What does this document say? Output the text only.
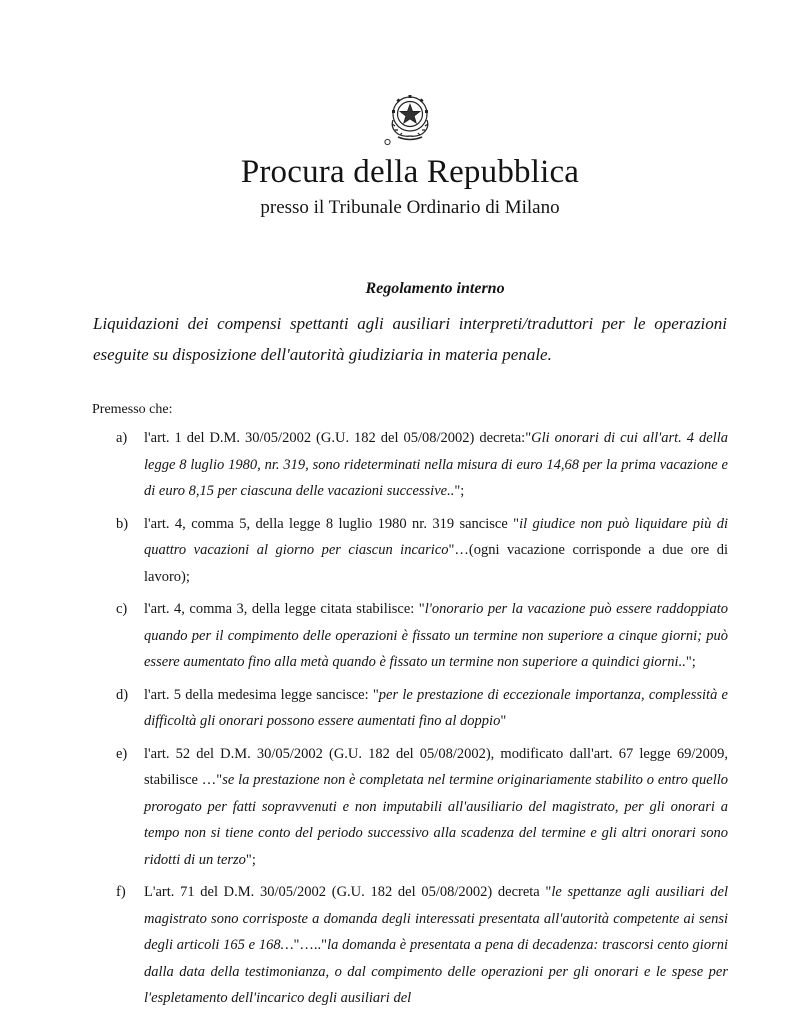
Procura della Repubblica
presso il Tribunale Ordinario di Milano
Regolamento interno
Liquidazioni dei compensi spettanti agli ausiliari interpreti/traduttori per le operazioni eseguite su disposizione dell'autorità giudiziaria in materia penale.
Premesso che:
a) l'art. 1 del D.M. 30/05/2002 (G.U. 182 del 05/08/2002) decreta:"Gli onorari di cui all'art. 4 della legge 8 luglio 1980, nr. 319, sono rideterminati nella misura di euro 14,68 per la prima vacazione e di euro 8,15 per ciascuna delle vacazioni successive..";
b) l'art. 4, comma 5, della legge 8 luglio 1980 nr. 319 sancisce "il giudice non può liquidare più di quattro vacazioni al giorno per ciascun incarico"…(ogni vacazione corrisponde a due ore di lavoro);
c) l'art. 4, comma 3, della legge citata stabilisce: "l'onorario per la vacazione può essere raddoppiato quando per il compimento delle operazioni è fissato un termine non superiore a cinque giorni; può essere aumentato fino alla metà quando è fissato un termine non superiore a quindici giorni..";
d) l'art. 5 della medesima legge sancisce: "per le prestazione di eccezionale importanza, complessità e difficoltà gli onorari possono essere aumentati fino al doppio"
e) l'art. 52 del D.M. 30/05/2002 (G.U. 182 del 05/08/2002), modificato dall'art. 67 legge 69/2009, stabilisce …"se la prestazione non è completata nel termine originariamente stabilito o entro quello prorogato per fatti sopravvenuti e non imputabili all'ausiliario del magistrato, per gli onorari a tempo non si tiene conto del periodo successivo alla scadenza del termine e gli altri onorari sono ridotti di un terzo";
f) L'art. 71 del D.M. 30/05/2002 (G.U. 182 del 05/08/2002) decreta "le spettanze agli ausiliari del magistrato sono corrisposte a domanda degli interessati presentata all'autorità competente ai sensi degli articoli 165 e 168…"….."la domanda è presentata a pena di decadenza: trascorsi cento giorni dalla data della testimonianza, o dal compimento delle operazioni per gli onorari e le spese per l'espletamento dell'incarico degli ausiliari del
